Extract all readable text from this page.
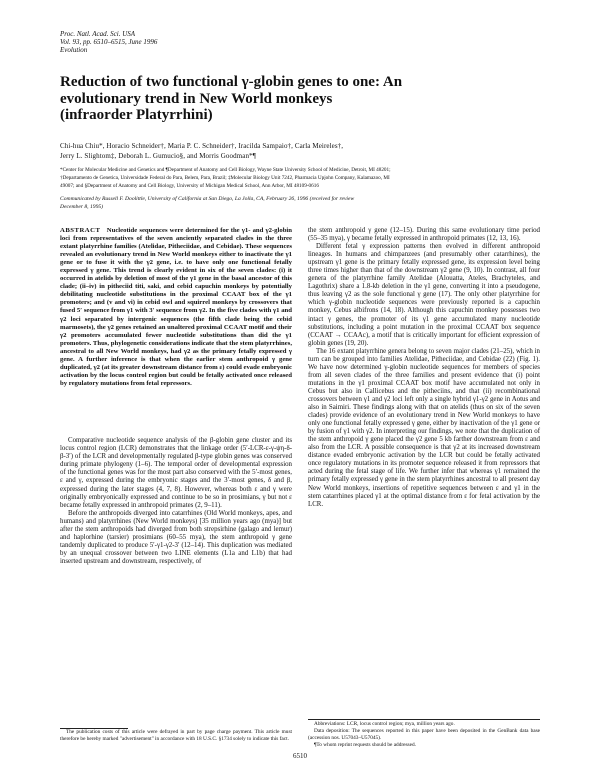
Proc. Natl. Acad. Sci. USA
Vol. 93, pp. 6510–6515, June 1996
Evolution
Reduction of two functional γ-globin genes to one: An
evolutionary trend in New World monkeys
(infraorder Platyrrhini)
Chi-hua Chiu*, Horacio Schneider†, Maria P. C. Schneider†, Iracilda Sampaio†, Carla Meireles†,
Jerry L. Slightom‡, Deborah L. Gumucio§, and Morris Goodman*¶
*Center for Molecular Medicine and Genetics and ¶Department of Anatomy and Cell Biology, Wayne State University School of Medicine, Detroit, MI 48201;
†Departamento de Genetica, Universidade Federal do Para, Belem, Para, Brazil; ‡Molecular Biology Unit 7242, Pharmacia Upjohn Company, Kalamazoo, MI
49007; and §Department of Anatomy and Cell Biology, University of Michigan Medical School, Ann Arbor, MI 48109-0616
Communicated by Russell F. Doolittle, University of California at San Diego, La Jolla, CA, February 26, 1996 (received for review
December 8, 1995)
ABSTRACT Nucleotide sequences were determined for the γ1- and γ2-globin loci from representatives of the seven anciently separated clades in the three extant platyrrhine families (Atelidae, Pitheciidae, and Cebidae). These sequences revealed an evolutionary trend in New World monkeys either to inactivate the γ1 gene or to fuse it with the γ2 gene, i.e. to have only one functional fetally expressed γ gene. This trend is clearly evident in six of the seven clades: (i) it occurred in atelids by deletion of most of the γ1 gene in the basal ancestor of this clade; (ii–iv) in pitheciid titi, saki, and cebid capuchin monkeys by potentially debilitating nucleotide substitutions in the proximal CCAAT box of the γ1 promoters; and (v and vi) in cebid owl and squirrel monkeys by crossovers that fused 5′ sequence from γ1 with 3′ sequence from γ2. In the five clades with γ1 and γ2 loci separated by intergenic sequences (the fifth clade being the cebid marmosets), the γ2 genes retained an unaltered proximal CCAAT motif and their γ2 promoters accumulated fewer nucleotide substitutions than did the γ1 promoters. Thus, phylogenetic considerations indicate that the stem platyrrhines, ancestral to all New World monkeys, had γ2 as the primary fetally expressed γ gene. A further inference is that when the earlier stem anthropoid γ gene duplicated, γ2 (at its greater downstream distance from ε) could evade embryonic activation by the locus control region but could be fetally activated once released by regulatory mutations from fetal repressors.

Comparative nucleotide sequence analysis of the β-globin gene cluster and its locus control region (LCR) demonstrates that the linkage order (5′-LCR-ε-γ-ψη-δ-β-3′) of the LCR and developmentally regulated β-type globin genes was conserved during primate phylogeny (1–6). The temporal order of developmental expression of the functional genes was for the most part also conserved with the 5′-most genes, ε and γ, expressed during the embryonic stages and the 3′-most genes, δ and β, expressed during the later stages (4, 7, 8). However, whereas both ε and γ were originally embryonically expressed and continue to be so in prosimians, γ but not ε became fetally expressed in anthropoid primates (2, 9–11).

Before the anthropoids diverged into catarrhines (Old World monkeys, apes, and humans) and platyrrhines (New World monkeys) [35 million years ago (mya)] but after the stem anthropoids had diverged from both strepsirhine (galago and lemur) and haplorhine (tarsier) prosimians (60–55 mya), the stem anthropoid γ gene tandemly duplicated to produce 5′-γ1-γ2-3′ (12–14). This duplication was mediated by an unequal crossover between two LINE elements (L1a and L1b) that had inserted upstream and downstream, respectively, of

The publication costs of this article were defrayed in part by page charge payment. This article must therefore be hereby marked "advertisement" in accordance with 18 U.S.C. §1734 solely to indicate this fact.

the stem anthropoid γ gene (12–15). During this same evolutionary time period (55–35 mya), γ became fetally expressed in anthropoid primates (12, 13, 16).

Different fetal γ expression patterns then evolved in different anthropoid lineages. In humans and chimpanzees (and presumably other catarrhines), the upstream γ1 gene is the primary fetally expressed gene, its expression level being three times higher than that of the downstream γ2 gene (9, 10). In contrast, all four genera of the platyrrhine family Atelidae (Alouatta, Ateles, Brachyteles, and Lagothrix) share a 1.8-kb deletion in the γ1 gene, converting it into a pseudogene, thus leaving γ2 as the sole functional γ gene (17). The only other platyrrhine for which γ-globin nucleotide sequences were previously reported is a capuchin monkey, Cebus albifrons (14, 18). Although this capuchin monkey possesses two intact γ genes, the promoter of its γ1 gene accumulated many nucleotide substitutions, including a point mutation in the proximal CCAAT box sequence (CCAAT → CCAAc), a motif that is critically important for efficient expression of globin genes (19, 20).

The 16 extant platyrrhine genera belong to seven major clades (21–25), which in turn can be grouped into families Atelidae, Pitheciidae, and Cebidae (22) (Fig. 1). We have now determined γ-globin nucleotide sequences for members of species from all seven clades of the three families and present evidence that (i) point mutations in the γ1 proximal CCAAT box motif have accumulated not only in Cebus but also in Callicebus and the pitheciins, and that (ii) recombinational crossovers between γ1 and γ2 loci left only a single hybrid γ1-γ2 gene in Aotus and also in Saimiri. These findings along with that on atelids (thus on six of the seven clades) provide evidence of an evolutionary trend in New World monkeys to have only one functional fetally expressed γ gene, either by inactivation of the γ1 gene or by fusion of γ1 with γ2. In interpreting our findings, we note that the duplication of the stem anthropoid γ gene placed the γ2 gene 5 kb farther downstream from ε and also from the LCR. A possible consequence is that γ2 at its increased downstream distance evaded embryonic activation by the LCR but could be fetally activated once regulatory mutations in its promoter sequence released it from repressors that acted during the fetal stage of life. We further infer that whereas γ1 remained the primary fetally expressed γ gene in the stem platyrrhines ancestral to all present day New World monkeys, insertions of repetitive sequences between ε and γ1 in the stem catarrhines placed γ1 at the optimal distance from ε for fetal activation by the LCR.

Abbreviations: LCR, locus control region; mya, million years ago.
Data deposition: The sequences reported in this paper have been deposited in the GenBank data base (accession nos. U57043–U57045).
¶To whom reprint requests should be addressed.
6510
